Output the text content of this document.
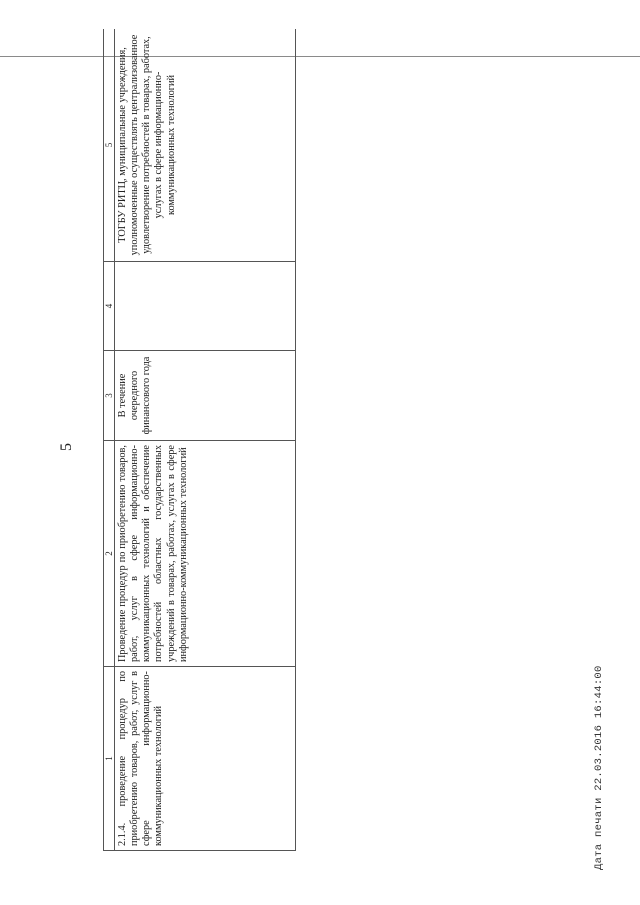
5
1	2	3	4	5
2.1.4. проведение процедур по приобретению товаров, работ, услуг в сфере информационно-коммуникационных технологий	Проведение процедур по приобретению товаров, работ, услуг в сфере информационно-коммуникационных технологий и обеспечение потребностей областных государственных учреждений в товарах, работах, услугах в сфере информационно-коммуникационных технологий	В течение очередного финансового года		ТОГБУ РИТЦ, муниципальные учреждения, уполномоченные осуществлять централизованное удовлетворение потребностей в товарах, работах, услугах в сфере информационно-коммуникационных технологий
Дата печати 22.03.2016 16:44:00
